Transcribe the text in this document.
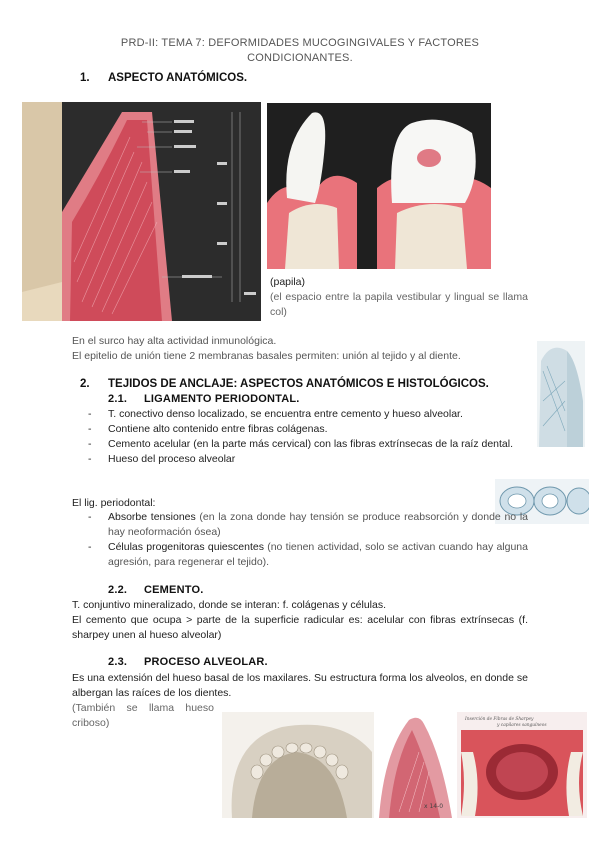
PRD-II: TEMA 7: DEFORMIDADES MUCOGINGIVALES Y FACTORES
CONDICIONANTES.
1. ASPECTO ANATÓMICOS.
(papila)
(el espacio entre la papila vestibular y lingual se llama col)
En el surco hay alta actividad inmunológica.
El epitelio de unión tiene 2 membranas basales permiten: unión al tejido y al diente.
2. TEJIDOS DE ANCLAJE: ASPECTOS ANATÓMICOS E HISTOLÓGICOS.
2.1. LIGAMENTO PERIODONTAL.
- T. conectivo denso localizado, se encuentra entre cemento y hueso alveolar.
- Contiene alto contenido entre fibras colágenas.
- Cemento acelular (en la parte más cervical) con las fibras extrínsecas de la raíz dental.
- Hueso del proceso alveolar
El lig. periodontal:
- Absorbe tensiones (en la zona donde hay tensión se produce reabsorción y donde no la hay neoformación ósea)
- Células progenitoras quiescentes (no tienen actividad, solo se activan cuando hay alguna agresión, para regenerar el tejido).
2.2. CEMENTO.
T. conjuntivo mineralizado, donde se interan: f. colágenas y células.
El cemento que ocupa > parte de la superficie radicular es: acelular con fibras extrínsecas (f. sharpey unen al hueso alveolar)
2.3. PROCESO ALVEOLAR.
Es una extensión del hueso basal de los maxilares. Su estructura forma los alveolos, en donde se albergan las raíces de los dientes.
(También se llama hueso criboso)
x 14-0
Inserción de Fibras de Sharpey
y capilares sanguíneos
